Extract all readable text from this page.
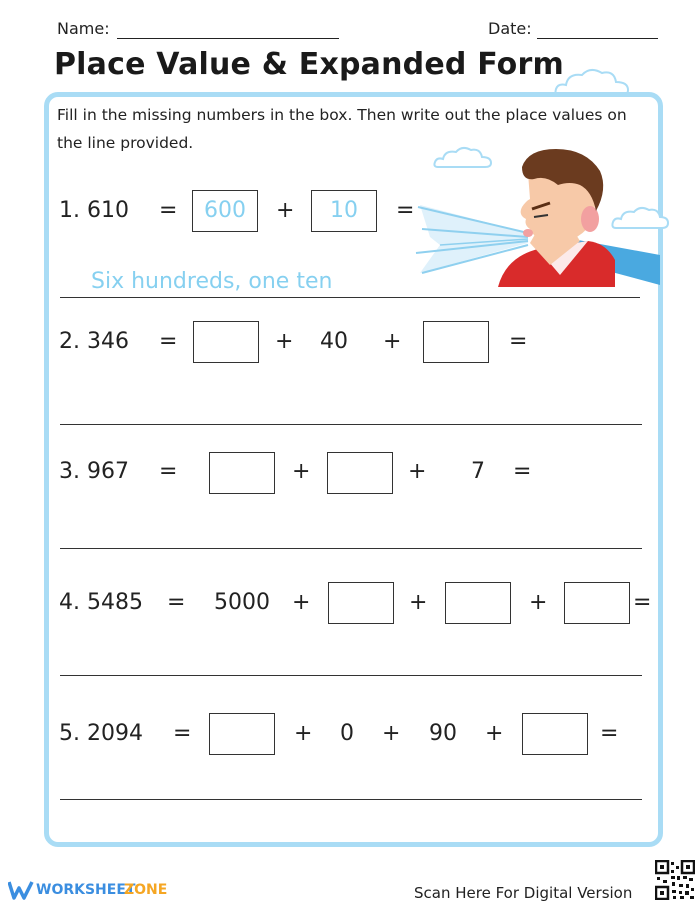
Name:	Date:
Place Value & Expanded Form
Fill in the missing numbers in the box. Then write out the place values on the line provided.
1. 610 =	600	+	10	=
Six hundreds, one ten
2. 346 =	+ 40 +	=
3. 967 =	+	+ 7 =
4. 5485 = 5000 +	+	+	=
5. 2094 =	+ 0 + 90 +	=
WORKSHEET
ZONE	Scan Here For Digital Version
